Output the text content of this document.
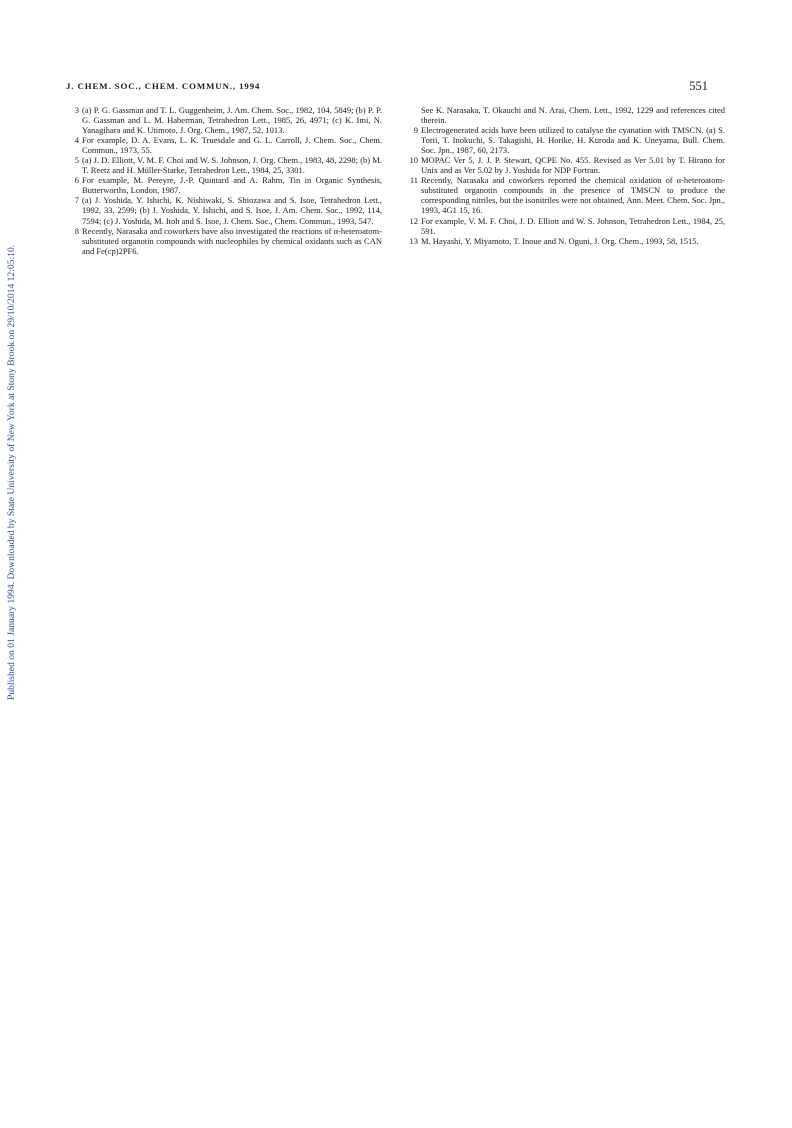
Published on 01 January 1994. Downloaded by State University of New York at Stony Brook on 29/10/2014 12:05:10.
J. CHEM. SOC., CHEM. COMMUN., 1994	551
3 (a) P. G. Gassman and T. L. Guggenheim, J. Am. Chem. Soc., 1982, 104, 5849; (b) P. P. G. Gassman and L. M. Haberman, Tetrahedron Lett., 1985, 26, 4971; (c) K. Imi, N. Yanagihara and K. Utimoto, J. Org. Chem., 1987, 52, 1013.
4 For example, D. A. Evans, L. K. Truesdale and G. L. Carroll, J. Chem. Soc., Chem. Commun., 1973, 55.
5 (a) J. D. Elliott, V. M. F. Choi and W. S. Johnson, J. Org. Chem., 1983, 48, 2298; (b) M. T. Reetz and H. Müller-Starke, Tetrahedron Lett., 1984, 25, 3301.
6 For example, M. Pereyre, J.-P. Quintard and A. Rahm, Tin in Organic Synthesis, Butterworths, London, 1987.
7 (a) J. Yoshida, Y. Ishichi, K. Nishiwaki, S. Shiozawa and S. Isoe, Tetrahedron Lett., 1992, 33, 2599; (b) J. Yoshida, Y. Ishichi, and S. Isoe, J. Am. Chem. Soc., 1992, 114, 7594; (c) J. Yoshida, M. Itoh and S. Isoe, J. Chem. Soc., Chem. Commun., 1993, 547.
8 Recently, Narasaka and coworkers have also investigated the reactions of α-heteroatom-substituted organotin compounds with nucleophiles by chemical oxidants such as CAN and Fe(cp)2PF6.
See K. Narasaka, T. Okauchi and N. Arai, Chem. Lett., 1992, 1229 and references cited therein.
9 Electrogenerated acids have been utilized to catalyse the cyanation with TMSCN. (a) S. Torii, T. Inokuchi, S. Takagishi, H. Horike, H. Kuroda and K. Uneyama, Bull. Chem. Soc. Jpn., 1987, 60, 2173.
10 MOPAC Ver 5, J. J. P. Stewart, QCPE No. 455. Revised as Ver 5.01 by T. Hirano for Unix and as Ver 5.02 by J. Yoshida for NDP Fortran.
11 Recently, Narasaka and coworkers reported the chemical oxidation of α-heteroatom-substituted organotin compounds in the presence of TMSCN to produce the corresponding nitriles, but the isonitriles were not obtained, Ann. Meet. Chem. Soc. Jpn., 1993, 4G1 15, 16.
12 For example, V. M. F. Choi, J. D. Elliott and W. S. Johnson, Tetrahedron Lett., 1984, 25, 591.
13 M. Hayashi, Y. Miyamoto, T. Inoue and N. Oguni, J. Org. Chem., 1993, 58, 1515.
